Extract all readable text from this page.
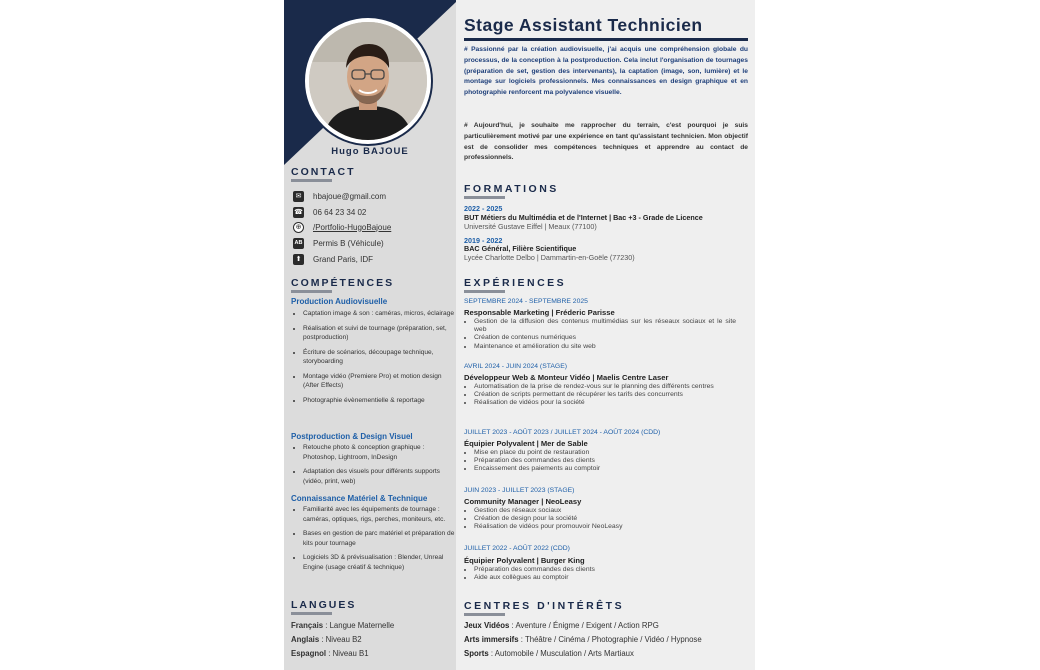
Hugo BAJOUE
CONTACT
✉	hbajoue@gmail.com
☎ 06 64 23 34 02
⊕	/Portfolio-HugoBajoue
AB Permis B (Véhicule)
⬆	Grand Paris, IDF
COMPÉTENCES
Production Audiovisuelle
• Captation image & son : caméras, micros, éclairage
• Réalisation et suivi de tournage (préparation, set, postproduction)
• Écriture de scénarios, découpage technique, storyboarding
• Montage vidéo (Premiere Pro) et motion design (After Effects)
• Photographie évènementielle & reportage
Postproduction & Design Visuel
• Retouche photo & conception graphique : Photoshop, Lightroom, InDesign
• Adaptation des visuels pour différents supports (vidéo, print, web)
Connaissance Matériel & Technique
• Familiarité avec les équipements de tournage : caméras, optiques, rigs, perches, moniteurs, etc.
• Bases en gestion de parc matériel et préparation de kits pour tournage
• Logiciels 3D & prévisualisation : Blender, Unreal Engine (usage créatif & technique)
LANGUES
Français : Langue Maternelle
Anglais : Niveau B2
Espagnol : Niveau B1
Stage Assistant Technicien

# Passionné par la création audiovisuelle, j'ai acquis une compréhension globale du processus, de la conception à la postproduction. Cela inclut l'organisation de tournages (préparation de set, gestion des intervenants), la captation (image, son, lumière) et le montage sur logiciels professionnels. Mes connaissances en design graphique et en photographie renforcent ma polyvalence visuelle.

# Aujourd'hui, je souhaite me rapprocher du terrain, c'est pourquoi je suis particulièrement motivé par une expérience en tant qu'assistant technicien. Mon objectif est de consolider mes compétences techniques et apprendre au contact de professionnels.

FORMATIONS
2022 - 2025
BUT Métiers du Multimédia et de l'Internet | Bac +3 - Grade de Licence
Université Gustave Eiffel | Meaux (77100)
2019 - 2022
BAC Général, Filière Scientifique
Lycée Charlotte Delbo | Dammartin-en-Goële (77230)
EXPÉRIENCES
SEPTEMBRE 2024 - SEPTEMBRE 2025
Responsable Marketing | Fréderic Parisse
• Gestion de la diffusion des contenus multimédias sur les réseaux sociaux et le site web
• Création de contenus numériques
• Maintenance et amélioration du site web
AVRIL 2024 - JUIN 2024 (STAGE)
Développeur Web & Monteur Vidéo | Maelis Centre Laser
• Automatisation de la prise de rendez-vous sur le planning des différents centres
• Création de scripts permettant de récupérer les tarifs des concurrents
• Réalisation de vidéos pour la société
JUILLET 2023 - AOÛT 2023 / JUILLET 2024 - AOÛT 2024 (CDD)
Équipier Polyvalent | Mer de Sable
• Mise en place du point de restauration
• Préparation des commandes des clients
• Encaissement des paiements au comptoir
JUIN 2023 - JUILLET 2023 (STAGE)
Community Manager | NeoLeasy
• Gestion des réseaux sociaux
• Création de design pour la société
• Réalisation de vidéos pour promouvoir NeoLeasy
JUILLET 2022 - AOÛT 2022 (CDD)
Équipier Polyvalent | Burger King
• Préparation des commandes des clients
• Aide aux collègues au comptoir
CENTRES D'INTÉRÊTS
Jeux Vidéos : Aventure / Énigme / Exigent / Action RPG
Arts immersifs : Théâtre / Cinéma / Photographie / Vidéo / Hypnose
Sports : Automobile / Musculation / Arts Martiaux
